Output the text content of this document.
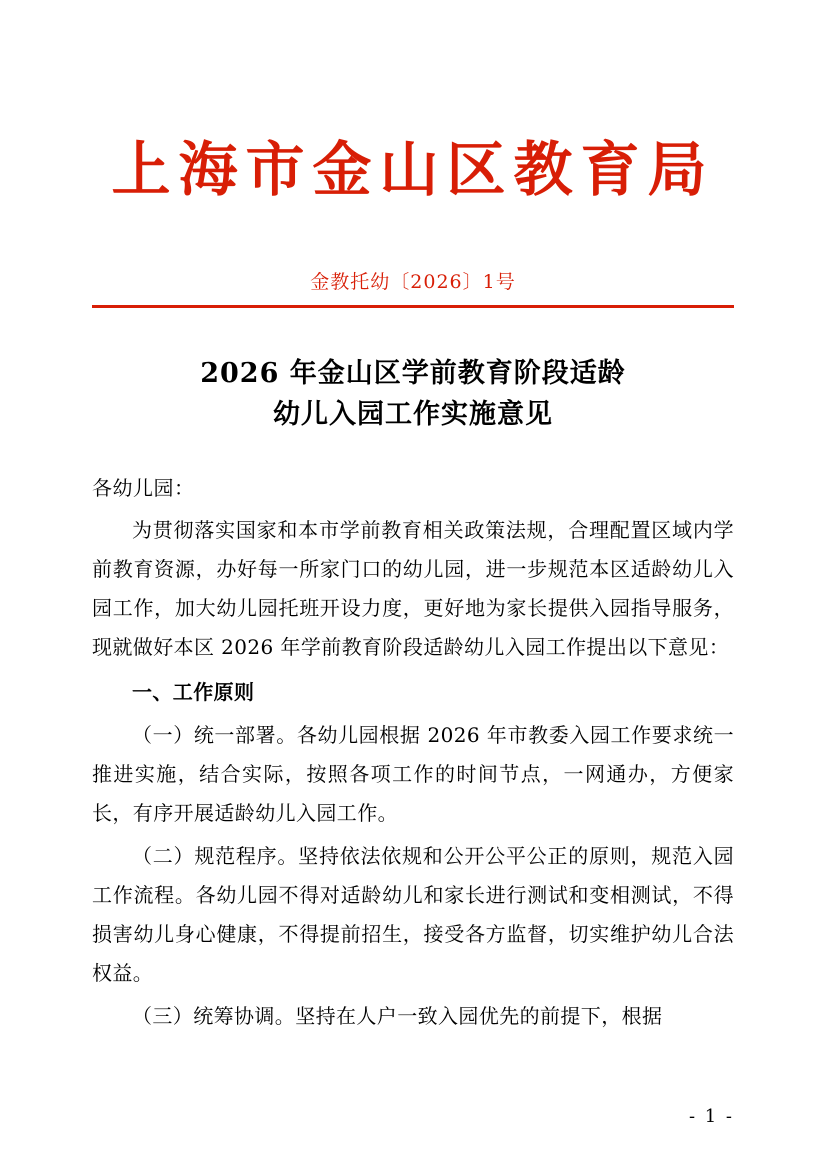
上海市金山区教育局
金教托幼〔2026〕1号
2026 年金山区学前教育阶段适龄
幼儿入园工作实施意见
各幼儿园：
为贯彻落实国家和本市学前教育相关政策法规，合理配置区域内学前教育资源，办好每一所家门口的幼儿园，进一步规范本区适龄幼儿入园工作，加大幼儿园托班开设力度，更好地为家长提供入园指导服务，现就做好本区 2026 年学前教育阶段适龄幼儿入园工作提出以下意见：
一、工作原则
（一）统一部署。各幼儿园根据 2026 年市教委入园工作要求统一推进实施，结合实际，按照各项工作的时间节点，一网通办，方便家长，有序开展适龄幼儿入园工作。
（二）规范程序。坚持依法依规和公开公平公正的原则，规范入园工作流程。各幼儿园不得对适龄幼儿和家长进行测试和变相测试，不得损害幼儿身心健康，不得提前招生，接受各方监督，切实维护幼儿合法权益。
（三）统筹协调。坚持在人户一致入园优先的前提下，根据
- 1 -
